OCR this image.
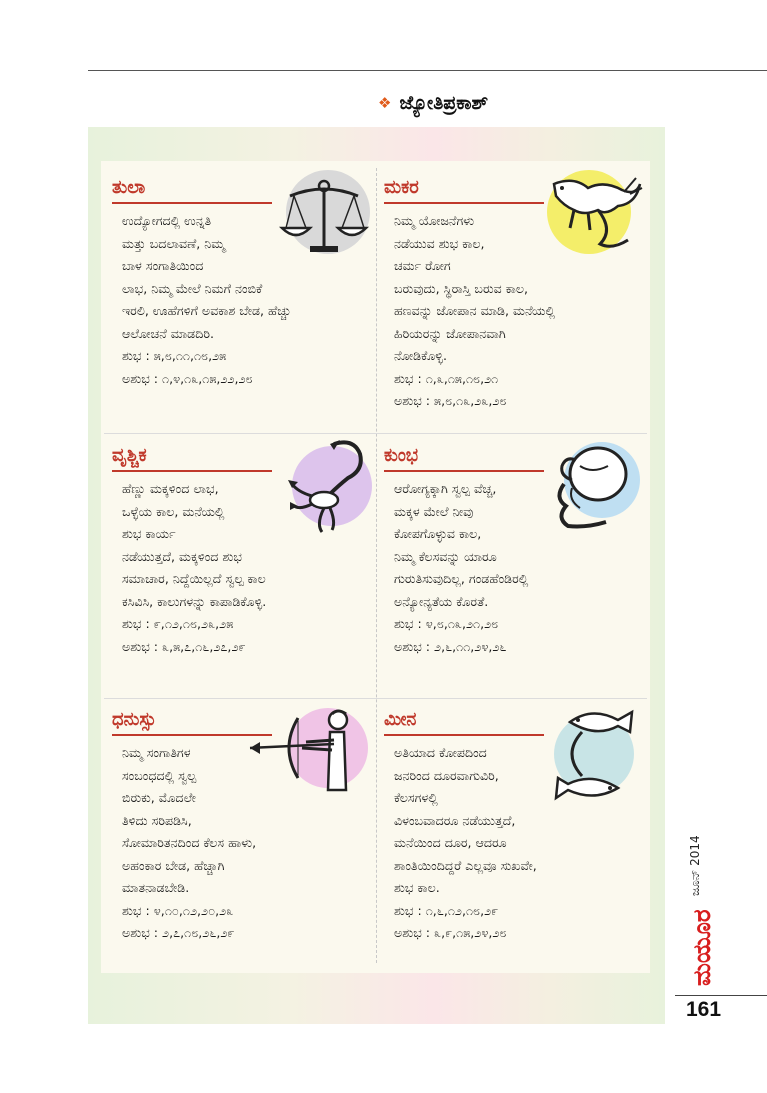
❖ ಜ್ಯೋತಿಪ್ರಕಾಶ್
ತುಲಾ
ಉದ್ಯೋಗದಲ್ಲಿ ಉನ್ನತಿ
ಮತ್ತು ಬದಲಾವಣೆ, ನಿಮ್ಮ
ಬಾಳ ಸಂಗಾತಿಯಿಂದ
ಲಾಭ, ನಿಮ್ಮ ಮೇಲೆ ನಿಮಗೆ ನಂಬಿಕೆ
ಇರಲಿ, ಊಹೆಗಳಿಗೆ ಅವಕಾಶ ಬೇಡ, ಹೆಚ್ಚು
ಆಲೋಚನೆ ಮಾಡದಿರಿ.
ಶುಭ : ೫,೮,೧೧,೧೮,೨೫
ಅಶುಭ : ೧,೪,೧೩,೧೫,೨೨,೨೮
ಮಕರ
ನಿಮ್ಮ ಯೋಜನೆಗಳು
ನಡೆಯುವ ಶುಭ ಕಾಲ,
ಚರ್ಮ ರೋಗ
ಬರುವುದು, ಸ್ಥಿರಾಸ್ತಿ ಬರುವ ಕಾಲ,
ಹಣವನ್ನು ಜೋಪಾನ ಮಾಡಿ, ಮನೆಯಲ್ಲಿ
ಹಿರಿಯರನ್ನು ಜೋಪಾನವಾಗಿ
ನೋಡಿಕೊಳ್ಳಿ.
ಶುಭ : ೧,೩,೧೫,೧೮,೨೧
ಅಶುಭ : ೫,೮,೧೩,೨೩,೨೮
ವೃಶ್ಚಿಕ
ಹೆಣ್ಣು ಮಕ್ಕಳಿಂದ ಲಾಭ,
ಒಳ್ಳೆಯ ಕಾಲ, ಮನೆಯಲ್ಲಿ
ಶುಭ ಕಾರ್ಯ
ನಡೆಯುತ್ತದೆ, ಮಕ್ಕಳಿಂದ ಶುಭ
ಸಮಾಚಾರ, ನಿದ್ದೆಯಿಲ್ಲದೆ ಸ್ವಲ್ಪ ಕಾಲ
ಕಸಿವಿಸಿ, ಕಾಲುಗಳನ್ನು ಕಾಪಾಡಿಕೊಳ್ಳಿ.
ಶುಭ : ೯,೧೨,೧೮,೨೩,೨೫
ಅಶುಭ : ೩,೫,೭,೧೬,೨೭,೨೯
ಕುಂಭ
ಆರೋಗ್ಯಕ್ಕಾಗಿ ಸ್ವಲ್ಪ ವೆಚ್ಚ,
ಮಕ್ಕಳ ಮೇಲೆ ನೀವು
ಕೋಪಗೊಳ್ಳುವ ಕಾಲ,
ನಿಮ್ಮ ಕೆಲಸವನ್ನು ಯಾರೂ
ಗುರುತಿಸುವುದಿಲ್ಲ, ಗಂಡಹೆಂಡಿರಲ್ಲಿ
ಅನ್ಯೋನ್ಯತೆಯ ಕೊರತೆ.
ಶುಭ : ೪,೮,೧೩,೨೧,೨೮
ಅಶುಭ : ೨,೬,೧೧,೨೪,೨೬
ಧನುಸ್ಸು
ನಿಮ್ಮ ಸಂಗಾತಿಗಳ
ಸಂಬಂಧದಲ್ಲಿ ಸ್ವಲ್ಪ
ಬಿರುಕು, ಮೊದಲೇ
ತಿಳಿದು ಸರಿಪಡಿಸಿ,
ಸೋಮಾರಿತನದಿಂದ ಕೆಲಸ ಹಾಳು,
ಅಹಂಕಾರ ಬೇಡ, ಹೆಚ್ಚಾಗಿ
ಮಾತನಾಡಬೇಡಿ.
ಶುಭ : ೪,೧೦,೧೨,೨೦,೨೩
ಅಶುಭ : ೨,೭,೧೮,೨೬,೨೯
ಮೀನ
ಅತಿಯಾದ ಕೋಪದಿಂದ
ಜನರಿಂದ ದೂರವಾಗುವಿರಿ,
ಕೆಲಸಗಳಲ್ಲಿ
ವಿಳಂಬವಾದರೂ ನಡೆಯುತ್ತದೆ,
ಮನೆಯಿಂದ ದೂರ, ಆದರೂ
ಶಾಂತಿಯಿಂದಿದ್ದರೆ ಎಲ್ಲವೂ ಸುಖವೇ,
ಶುಭ ಕಾಲ.
ಶುಭ : ೧,೬,೧೨,೧೮,೨೯
ಅಶುಭ : ೩,೯,೧೫,೨೪,೨೮
ಜೂನ್ 2014
ಮಯೂರ
161
